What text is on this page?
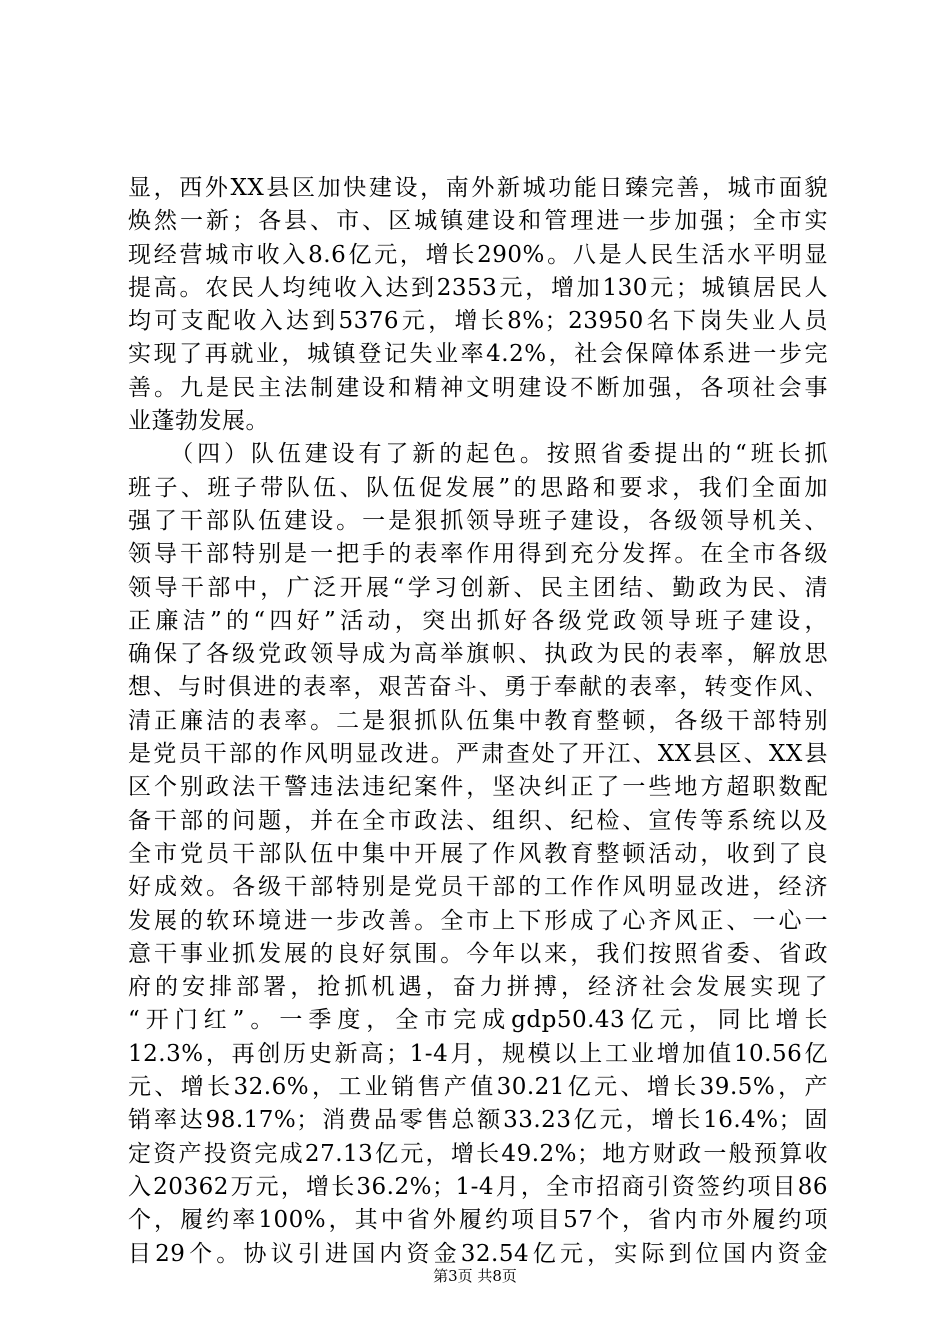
显，西外XX县区加快建设，南外新城功能日臻完善，城市面貌
焕然一新；各县、市、区城镇建设和管理进一步加强；全市实
现经营城市收入8.6亿元，增长290%。八是人民生活水平明显
提高。农民人均纯收入达到2353元，增加130元；城镇居民人
均可支配收入达到5376元，增长8%；23950名下岗失业人员
实现了再就业，城镇登记失业率4.2%，社会保障体系进一步完
善。九是民主法制建设和精神文明建设不断加强，各项社会事
业蓬勃发展。
　　（四）队伍建设有了新的起色。按照省委提出的“班长抓
班子、班子带队伍、队伍促发展”的思路和要求，我们全面加
强了干部队伍建设。一是狠抓领导班子建设，各级领导机关、
领导干部特别是一把手的表率作用得到充分发挥。在全市各级
领导干部中，广泛开展“学习创新、民主团结、勤政为民、清
正廉洁”的“四好”活动，突出抓好各级党政领导班子建设，
确保了各级党政领导成为高举旗帜、执政为民的表率，解放思
想、与时俱进的表率，艰苦奋斗、勇于奉献的表率，转变作风、
清正廉洁的表率。二是狠抓队伍集中教育整顿，各级干部特别
是党员干部的作风明显改进。严肃查处了开江、XX县区、XX县
区个别政法干警违法违纪案件，坚决纠正了一些地方超职数配
备干部的问题，并在全市政法、组织、纪检、宣传等系统以及
全市党员干部队伍中集中开展了作风教育整顿活动，收到了良
好成效。各级干部特别是党员干部的工作作风明显改进，经济
发展的软环境进一步改善。全市上下形成了心齐风正、一心一
意干事业抓发展的良好氛围。今年以来，我们按照省委、省政
府的安排部署，抢抓机遇，奋力拼搏，经济社会发展实现了
“开门红”。一季度，全市完成gdp50.43亿元，同比增长
12.3%，再创历史新高；1-4月，规模以上工业增加值10.56亿
元、增长32.6%，工业销售产值30.21亿元、增长39.5%，产
销率达98.17%；消费品零售总额33.23亿元，增长16.4%；固
定资产投资完成27.13亿元，增长49.2%；地方财政一般预算收
入20362万元，增长36.2%；1-4月，全市招商引资签约项目86
个，履约率100%，其中省外履约项目57个，省内市外履约项
目29个。协议引进国内资金32.54亿元，实际到位国内资金
第3页 共8页
